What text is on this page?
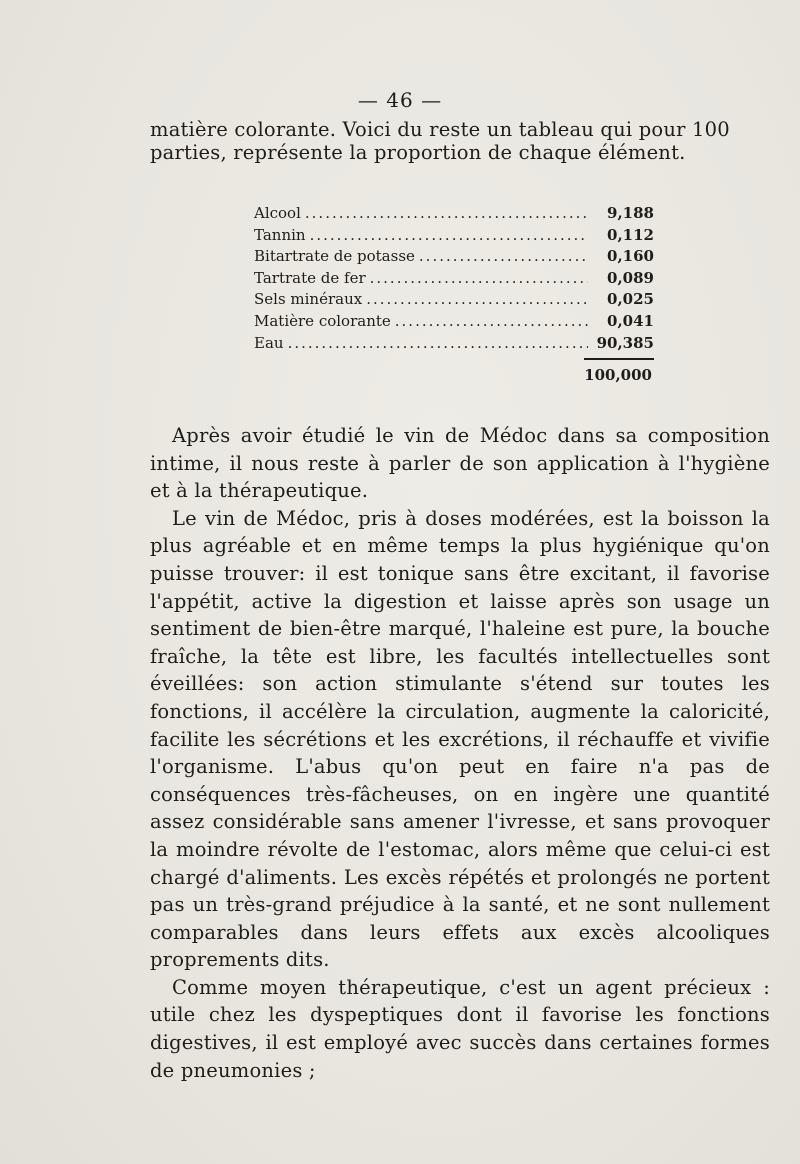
— 46 —

matière colorante. Voici du reste un tableau qui pour 100 parties, représente la proportion de chaque élément.

Alcool .....	9,188
Tannin .....	0,112
Bitartrate de potasse .....	0,160
Tartrate de fer .....	0,089
Sels minéraux .....	0,025
Matière colorante .....	0,041
Eau .....	90,385
100,000

Après avoir étudié le vin de Médoc dans sa composition intime, il nous reste à parler de son application à l'hygiène et à la thérapeutique.

Le vin de Médoc, pris à doses modérées, est la boisson la plus agréable et en même temps la plus hygiénique qu'on puisse trouver: il est tonique sans être excitant, il favorise l'appétit, active la digestion et laisse après son usage un sentiment de bien-être marqué, l'haleine est pure, la bouche fraîche, la tête est libre, les facultés intellectuelles sont éveillées: son action stimulante s'étend sur toutes les fonctions, il accélère la circulation, augmente la caloricité, facilite les sécrétions et les excrétions, il réchauffe et vivifie l'organisme. L'abus qu'on peut en faire n'a pas de conséquences très-fâcheuses, on en ingère une quantité assez considérable sans amener l'ivresse, et sans provoquer la moindre révolte de l'estomac, alors même que celui-ci est chargé d'aliments. Les excès répétés et prolongés ne portent pas un très-grand préjudice à la santé, et ne sont nullement comparables dans leurs effets aux excès alcooliques proprements dits.

Comme moyen thérapeutique, c'est un agent précieux : utile chez les dyspeptiques dont il favorise les fonctions digestives, il est employé avec succès dans certaines formes de pneumonies ;
